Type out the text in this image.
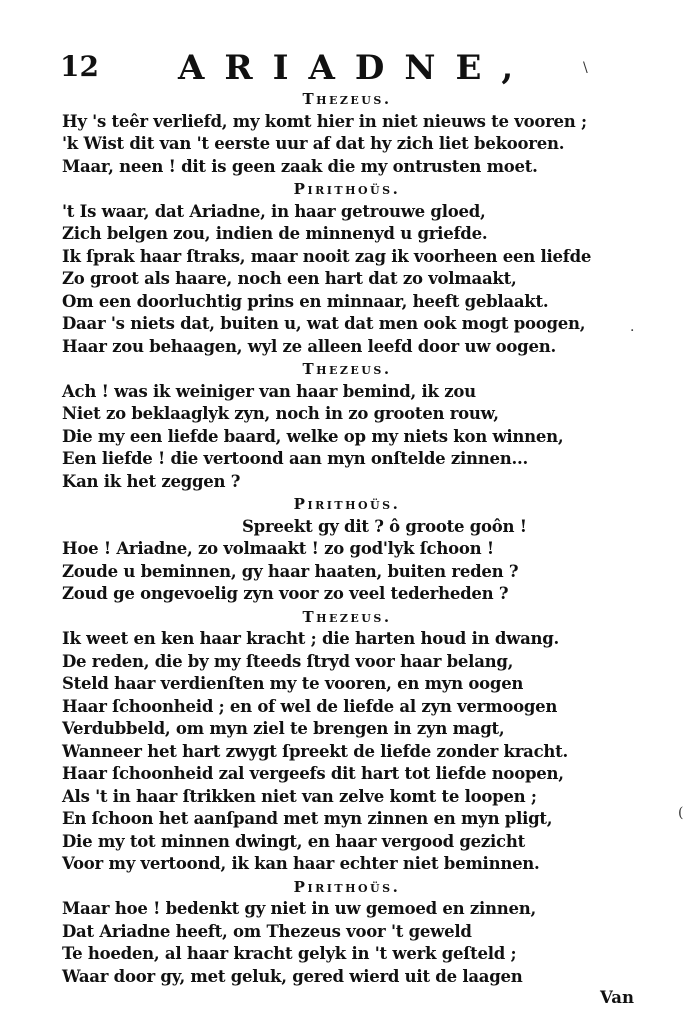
12 ARIADNE,
Thezeus.
Hy 's teêr verliefd, my komt hier in niet nieuws te vooren ;
'k Wist dit van 't eerste uur af dat hy zich liet bekooren.
Maar, neen ! dit is geen zaak die my ontrusten moet.
Pirithoüs.
't Is waar, dat Ariadne, in haar getrouwe gloed,
Zich belgen zou, indien de minnenyd u griefde.
Ik ſprak haar ſtraks, maar nooit zag ik voorheen een liefde
Zo groot als haare, noch een hart dat zo volmaakt,
Om een doorluchtig prins en minnaar, heeft geblaakt.
Daar 's niets dat, buiten u, wat dat men ook mogt poogen,
Haar zou behaagen, wyl ze alleen leefd door uw oogen.
Thezeus.
Ach ! was ik weiniger van haar bemind, ik zou
Niet zo beklaaglyk zyn, noch in zo grooten rouw,
Die my een liefde baard, welke op my niets kon winnen,
Een liefde ! die vertoond aan myn onſtelde zinnen...
Kan ik het zeggen ?
Pirithoüs.
Spreekt gy dit ? ô groote goôn !
Hoe ! Ariadne, zo volmaakt ! zo god'lyk ſchoon !
Zoude u beminnen, gy haar haaten, buiten reden ?
Zoud ge ongevoelig zyn voor zo veel tederheden ?
Thezeus.
Ik weet en ken haar kracht ; die harten houd in dwang.
De reden, die by my ſteeds ſtryd voor haar belang,
Steld haar verdienſten my te vooren, en myn oogen
Haar ſchoonheid ; en of wel de liefde al zyn vermoogen
Verdubbeld, om myn ziel te brengen in zyn magt,
Wanneer het hart zwygt ſpreekt de liefde zonder kracht.
Haar ſchoonheid zal vergeefs dit hart tot liefde noopen,
Als 't in haar ſtrikken niet van zelve komt te loopen ;
En ſchoon het aanſpand met myn zinnen en myn pligt,
Die my tot minnen dwingt, en haar vergood gezicht
Voor my vertoond, ik kan haar echter niet beminnen.
Pirithoüs.
Maar hoe ! bedenkt gy niet in uw gemoed en zinnen,
Dat Ariadne heeft, om Thezeus voor 't geweld
Te hoeden, al haar kracht gelyk in 't werk geſteld ;
Waar door gy, met geluk, gered wierd uit de laagen
Van
\
·
(
